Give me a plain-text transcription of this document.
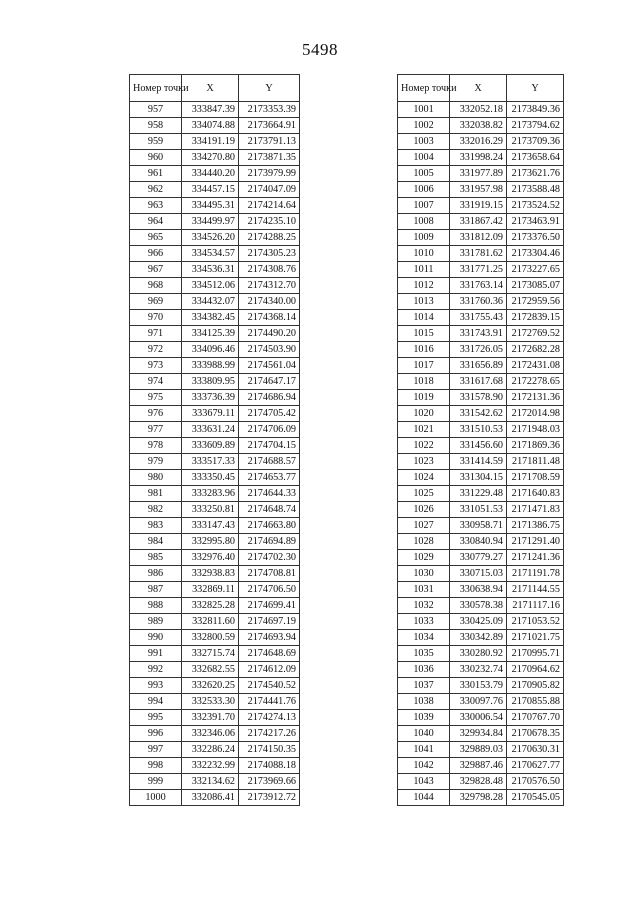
5498
Номер точки	X	Y
957	333847.39	2173353.39
958	334074.88	2173664.91
959	334191.19	2173791.13
960	334270.80	2173871.35
961	334440.20	2173979.99
962	334457.15	2174047.09
963	334495.31	2174214.64
964	334499.97	2174235.10
965	334526.20	2174288.25
966	334534.57	2174305.23
967	334536.31	2174308.76
968	334512.06	2174312.70
969	334432.07	2174340.00
970	334382.45	2174368.14
971	334125.39	2174490.20
972	334096.46	2174503.90
973	333988.99	2174561.04
974	333809.95	2174647.17
975	333736.39	2174686.94
976	333679.11	2174705.42
977	333631.24	2174706.09
978	333609.89	2174704.15
979	333517.33	2174688.57
980	333350.45	2174653.77
981	333283.96	2174644.33
982	333250.81	2174648.74
983	333147.43	2174663.80
984	332995.80	2174694.89
985	332976.40	2174702.30
986	332938.83	2174708.81
987	332869.11	2174706.50
988	332825.28	2174699.41
989	332811.60	2174697.19
990	332800.59	2174693.94
991	332715.74	2174648.69
992	332682.55	2174612.09
993	332620.25	2174540.52
994	332533.30	2174441.76
995	332391.70	2174274.13
996	332346.06	2174217.26
997	332286.24	2174150.35
998	332232.99	2174088.18
999	332134.62	2173969.66
1000	332086.41	2173912.72
Номер точки	X	Y
1001	332052.18	2173849.36
1002	332038.82	2173794.62
1003	332016.29	2173709.36
1004	331998.24	2173658.64
1005	331977.89	2173621.76
1006	331957.98	2173588.48
1007	331919.15	2173524.52
1008	331867.42	2173463.91
1009	331812.09	2173376.50
1010	331781.62	2173304.46
1011	331771.25	2173227.65
1012	331763.14	2173085.07
1013	331760.36	2172959.56
1014	331755.43	2172839.15
1015	331743.91	2172769.52
1016	331726.05	2172682.28
1017	331656.89	2172431.08
1018	331617.68	2172278.65
1019	331578.90	2172131.36
1020	331542.62	2172014.98
1021	331510.53	2171948.03
1022	331456.60	2171869.36
1023	331414.59	2171811.48
1024	331304.15	2171708.59
1025	331229.48	2171640.83
1026	331051.53	2171471.83
1027	330958.71	2171386.75
1028	330840.94	2171291.40
1029	330779.27	2171241.36
1030	330715.03	2171191.78
1031	330638.94	2171144.55
1032	330578.38	2171117.16
1033	330425.09	2171053.52
1034	330342.89	2171021.75
1035	330280.92	2170995.71
1036	330232.74	2170964.62
1037	330153.79	2170905.82
1038	330097.76	2170855.88
1039	330006.54	2170767.70
1040	329934.84	2170678.35
1041	329889.03	2170630.31
1042	329887.46	2170627.77
1043	329828.48	2170576.50
1044	329798.28	2170545.05
